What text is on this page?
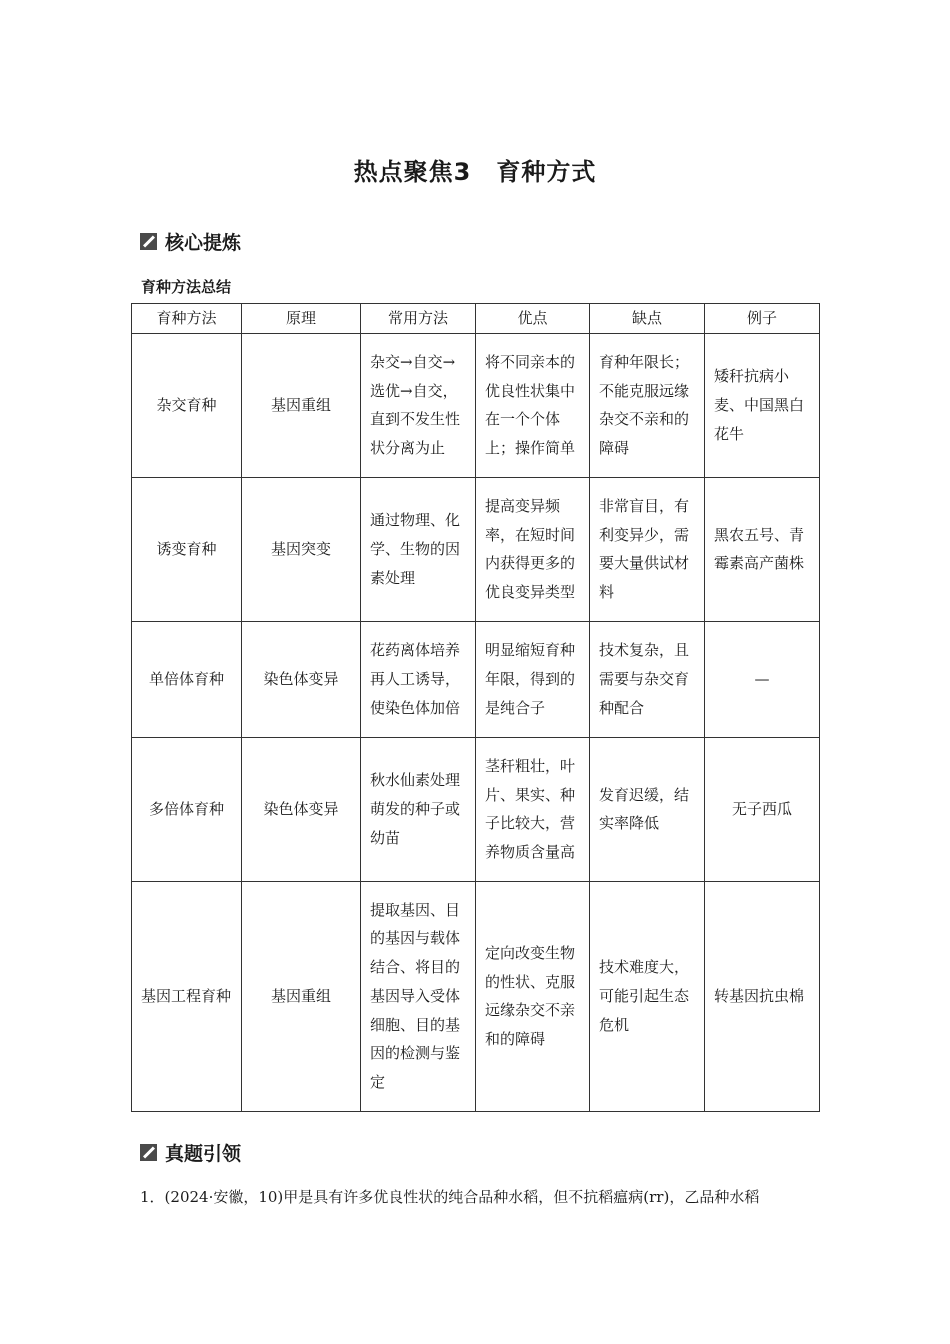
热点聚焦3　育种方式
核心提炼
育种方法总结
育种方法	原理	常用方法	优点	缺点	例子
杂交育种	基因重组	杂交→自交→选优→自交，直到不发生性状分离为止	将不同亲本的优良性状集中在一个个体上；操作简单	育种年限长；不能克服远缘杂交不亲和的障碍	矮秆抗病小麦、中国黑白花牛
诱变育种	基因突变	通过物理、化学、生物的因素处理	提高变异频率，在短时间内获得更多的优良变异类型	非常盲目，有利变异少，需要大量供试材料	黑农五号、青霉素高产菌株
单倍体育种	染色体变异	花药离体培养再人工诱导，使染色体加倍	明显缩短育种年限，得到的是纯合子	技术复杂，且需要与杂交育种配合	—
多倍体育种	染色体变异	秋水仙素处理萌发的种子或幼苗	茎秆粗壮，叶片、果实、种子比较大，营养物质含量高	发育迟缓，结实率降低	无子西瓜
基因工程育种	基因重组	提取基因、目的基因与载体结合、将目的基因导入受体细胞、目的基因的检测与鉴定	定向改变生物的性状、克服远缘杂交不亲和的障碍	技术难度大，可能引起生态危机	转基因抗虫棉
真题引领

1．(2024·安徽，10)甲是具有许多优良性状的纯合品种水稻，但不抗稻瘟病(rr)，乙品种水稻
